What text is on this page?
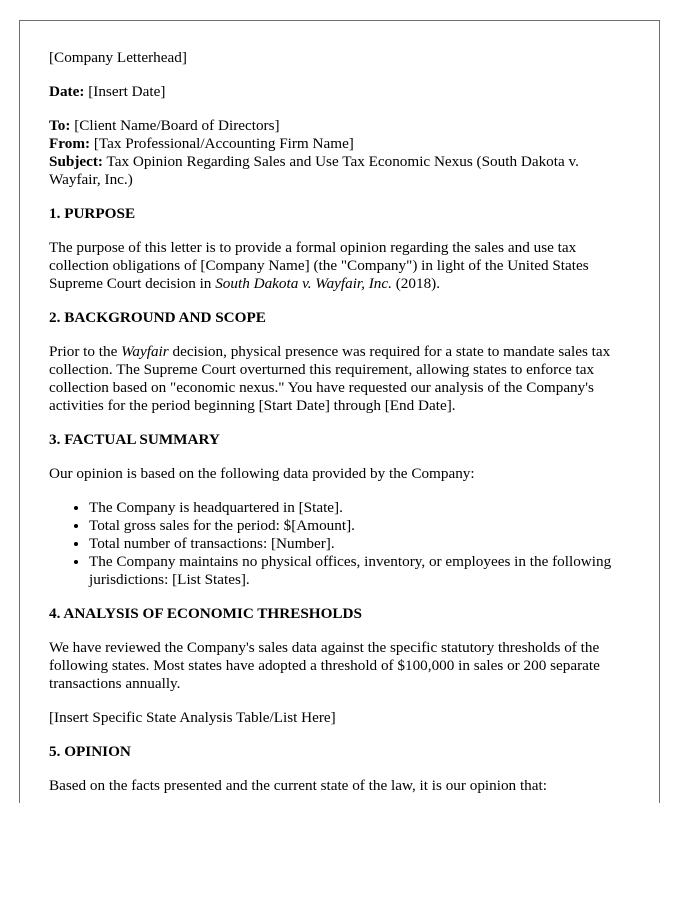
[Company Letterhead]

Date: [Insert Date]

To: [Client Name/Board of Directors]
From: [Tax Professional/Accounting Firm Name]
Subject: Tax Opinion Regarding Sales and Use Tax Economic Nexus (South Dakota v. Wayfair, Inc.)
1. PURPOSE

The purpose of this letter is to provide a formal opinion regarding the sales and use tax collection obligations of [Company Name] (the "Company") in light of the United States Supreme Court decision in South Dakota v. Wayfair, Inc. (2018).

2. BACKGROUND AND SCOPE

Prior to the Wayfair decision, physical presence was required for a state to mandate sales tax collection. The Supreme Court overturned this requirement, allowing states to enforce tax collection based on "economic nexus." You have requested our analysis of the Company's activities for the period beginning [Start Date] through [End Date].

3. FACTUAL SUMMARY

Our opinion is based on the following data provided by the Company:

• The Company is headquartered in [State].
• Total gross sales for the period: $[Amount].
• Total number of transactions: [Number].
• The Company maintains no physical offices, inventory, or employees in the following jurisdictions: [List States].
4. ANALYSIS OF ECONOMIC THRESHOLDS

We have reviewed the Company's sales data against the specific statutory thresholds of the following states. Most states have adopted a threshold of $100,000 in sales or 200 separate transactions annually.

[Insert Specific State Analysis Table/List Here]

5. OPINION

Based on the facts presented and the current state of the law, it is our opinion that:
